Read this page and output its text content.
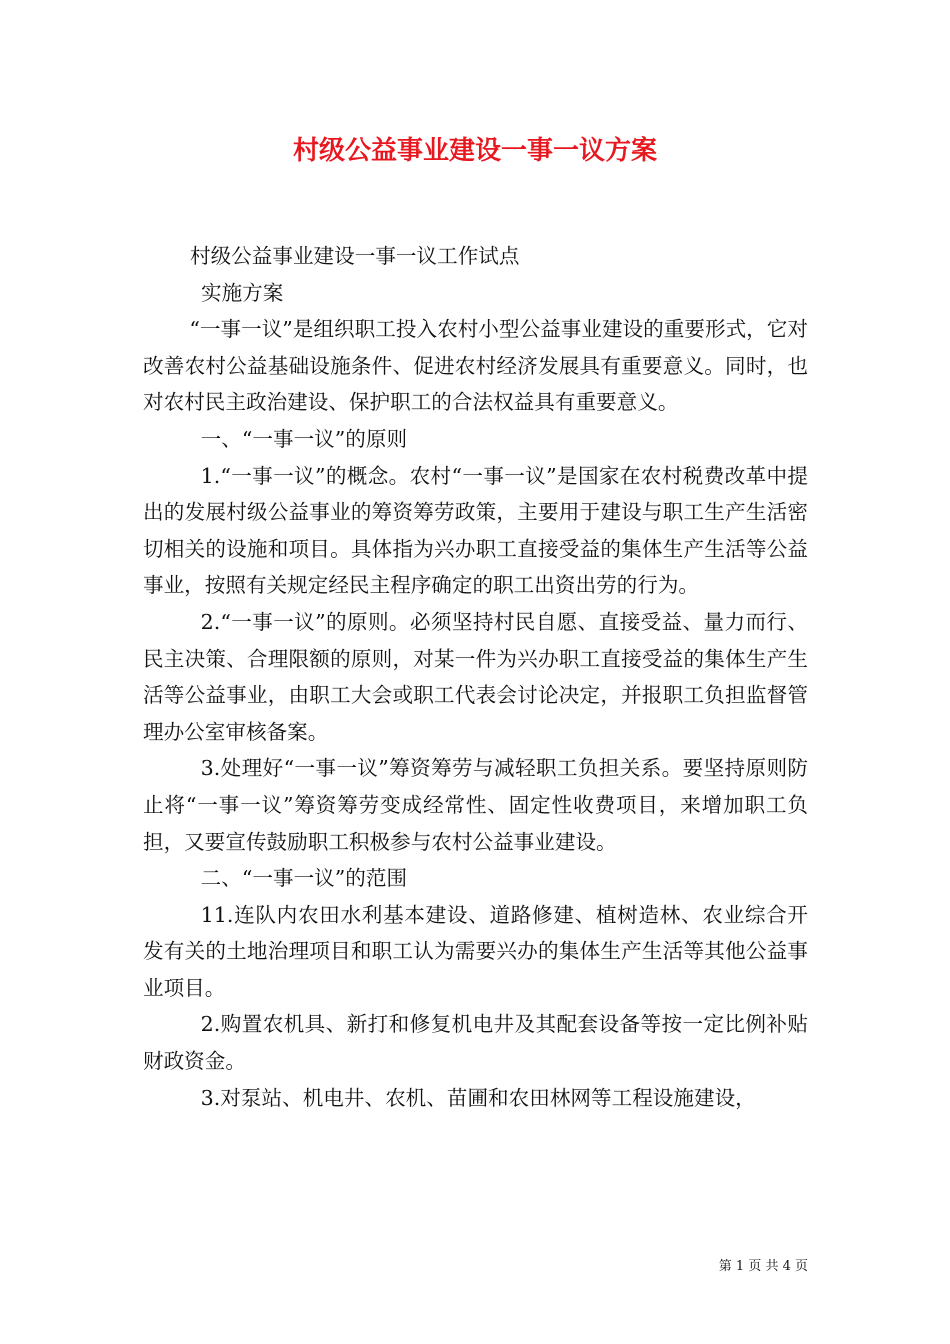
村级公益事业建设一事一议方案

村级公益事业建设一事一议工作试点

实施方案

“一事一议”是组织职工投入农村小型公益事业建设的重要形式，它对改善农村公益基础设施条件、促进农村经济发展具有重要意义。同时，也对农村民主政治建设、保护职工的合法权益具有重要意义。

一、“一事一议”的原则

1.“一事一议”的概念。农村“一事一议”是国家在农村税费改革中提出的发展村级公益事业的筹资筹劳政策，主要用于建设与职工生产生活密切相关的设施和项目。具体指为兴办职工直接受益的集体生产生活等公益事业，按照有关规定经民主程序确定的职工出资出劳的行为。

2.“一事一议”的原则。必须坚持村民自愿、直接受益、量力而行、民主决策、合理限额的原则，对某一件为兴办职工直接受益的集体生产生活等公益事业，由职工大会或职工代表会讨论决定，并报职工负担监督管理办公室审核备案。

3.处理好“一事一议”筹资筹劳与减轻职工负担关系。要坚持原则防止将“一事一议”筹资筹劳变成经常性、固定性收费项目，来增加职工负担，又要宣传鼓励职工积极参与农村公益事业建设。

二、“一事一议”的范围

11.连队内农田水利基本建设、道路修建、植树造林、农业综合开发有关的土地治理项目和职工认为需要兴办的集体生产生活等其他公益事业项目。

2.购置农机具、新打和修复机电井及其配套设备等按一定比例补贴财政资金。

3.对泵站、机电井、农机、苗圃和农田林网等工程设施建设，

第 1 页 共 4 页
